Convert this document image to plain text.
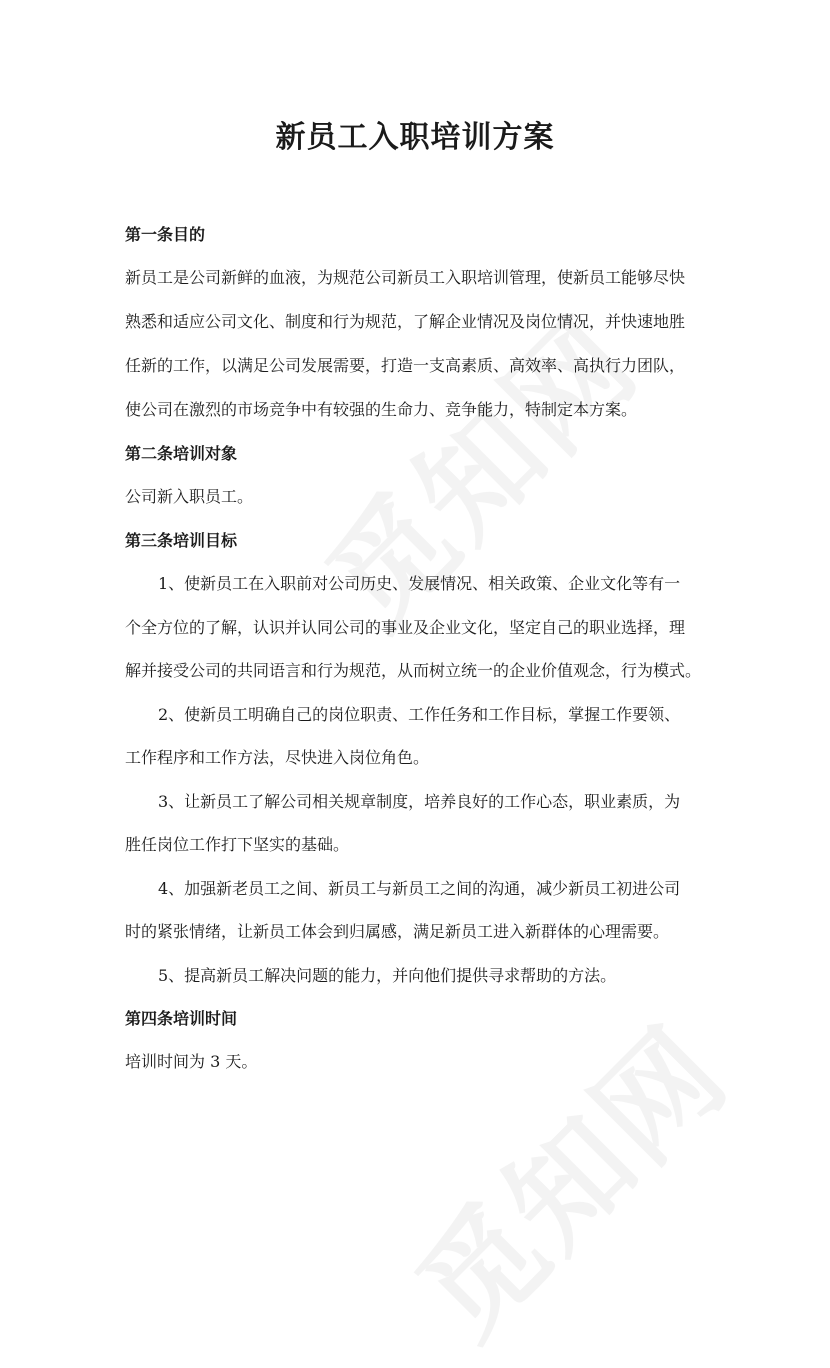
新员工入职培训方案
第一条目的
新员工是公司新鲜的血液，为规范公司新员工入职培训管理，使新员工能够尽快
熟悉和适应公司文化、制度和行为规范，了解企业情况及岗位情况，并快速地胜
任新的工作，以满足公司发展需要，打造一支高素质、高效率、高执行力团队，
使公司在激烈的市场竞争中有较强的生命力、竞争能力，特制定本方案。
第二条培训对象
公司新入职员工。
第三条培训目标
1、使新员工在入职前对公司历史、发展情况、相关政策、企业文化等有一
个全方位的了解，认识并认同公司的事业及企业文化，坚定自己的职业选择，理
解并接受公司的共同语言和行为规范，从而树立统一的企业价值观念，行为模式。
2、使新员工明确自己的岗位职责、工作任务和工作目标，掌握工作要领、
工作程序和工作方法，尽快进入岗位角色。
3、让新员工了解公司相关规章制度，培养良好的工作心态，职业素质，为
胜任岗位工作打下坚实的基础。
4、加强新老员工之间、新员工与新员工之间的沟通，减少新员工初进公司
时的紧张情绪，让新员工体会到归属感，满足新员工进入新群体的心理需要。
5、提高新员工解决问题的能力，并向他们提供寻求帮助的方法。
第四条培训时间
培训时间为 3 天。
